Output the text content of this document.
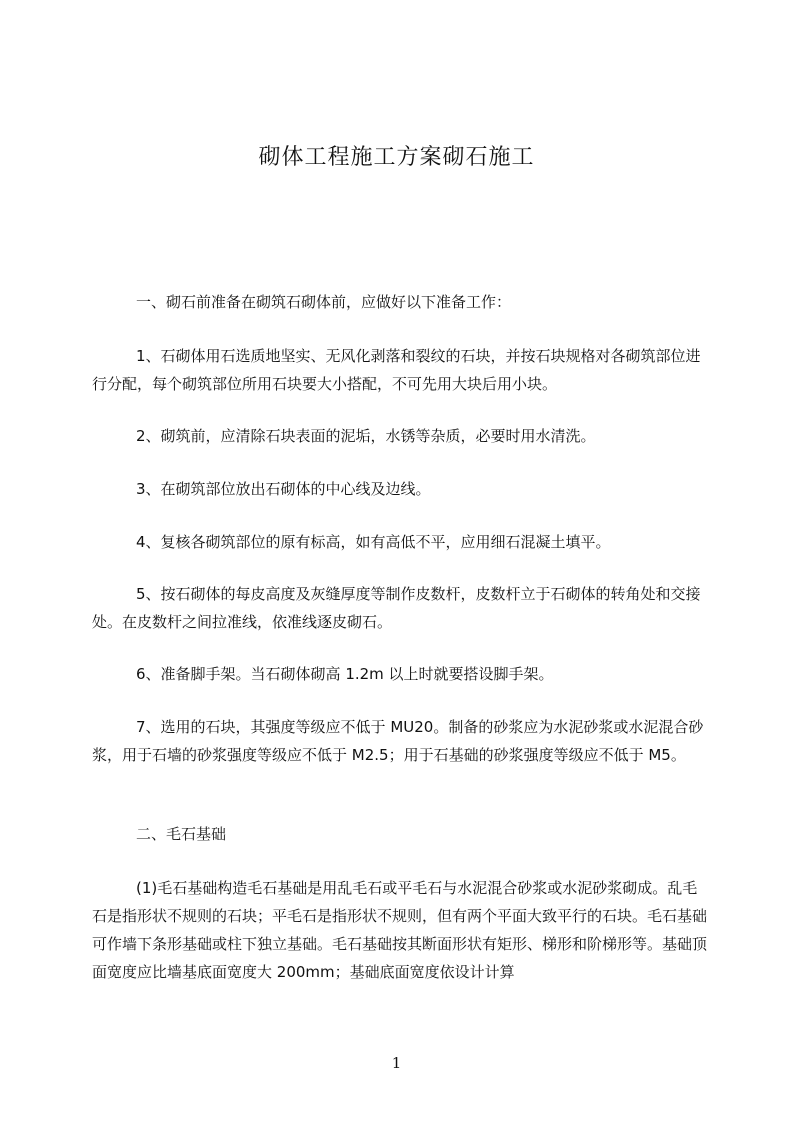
砌体工程施工方案砌石施工

一、砌石前准备在砌筑石砌体前，应做好以下准备工作：

1、石砌体用石选质地坚实、无风化剥落和裂纹的石块，并按石块规格对各砌筑部位进行分配，每个砌筑部位所用石块要大小搭配，不可先用大块后用小块。

2、砌筑前，应清除石块表面的泥垢，水锈等杂质，必要时用水清洗。

3、在砌筑部位放出石砌体的中心线及边线。

4、复核各砌筑部位的原有标高，如有高低不平，应用细石混凝土填平。

5、按石砌体的每皮高度及灰缝厚度等制作皮数杆，皮数杆立于石砌体的转角处和交接处。在皮数杆之间拉准线，依准线逐皮砌石。

6、准备脚手架。当石砌体砌高 1.2m 以上时就要搭设脚手架。

7、选用的石块，其强度等级应不低于 MU20。制备的砂浆应为水泥砂浆或水泥混合砂浆，用于石墙的砂浆强度等级应不低于 M2.5；用于石基础的砂浆强度等级应不低于 M5。

二、毛石基础

(1)毛石基础构造毛石基础是用乱毛石或平毛石与水泥混合砂浆或水泥砂浆砌成。乱毛石是指形状不规则的石块；平毛石是指形状不规则，但有两个平面大致平行的石块。毛石基础可作墙下条形基础或柱下独立基础。毛石基础按其断面形状有矩形、梯形和阶梯形等。基础顶面宽度应比墙基底面宽度大 200mm；基础底面宽度依设计计算

1
